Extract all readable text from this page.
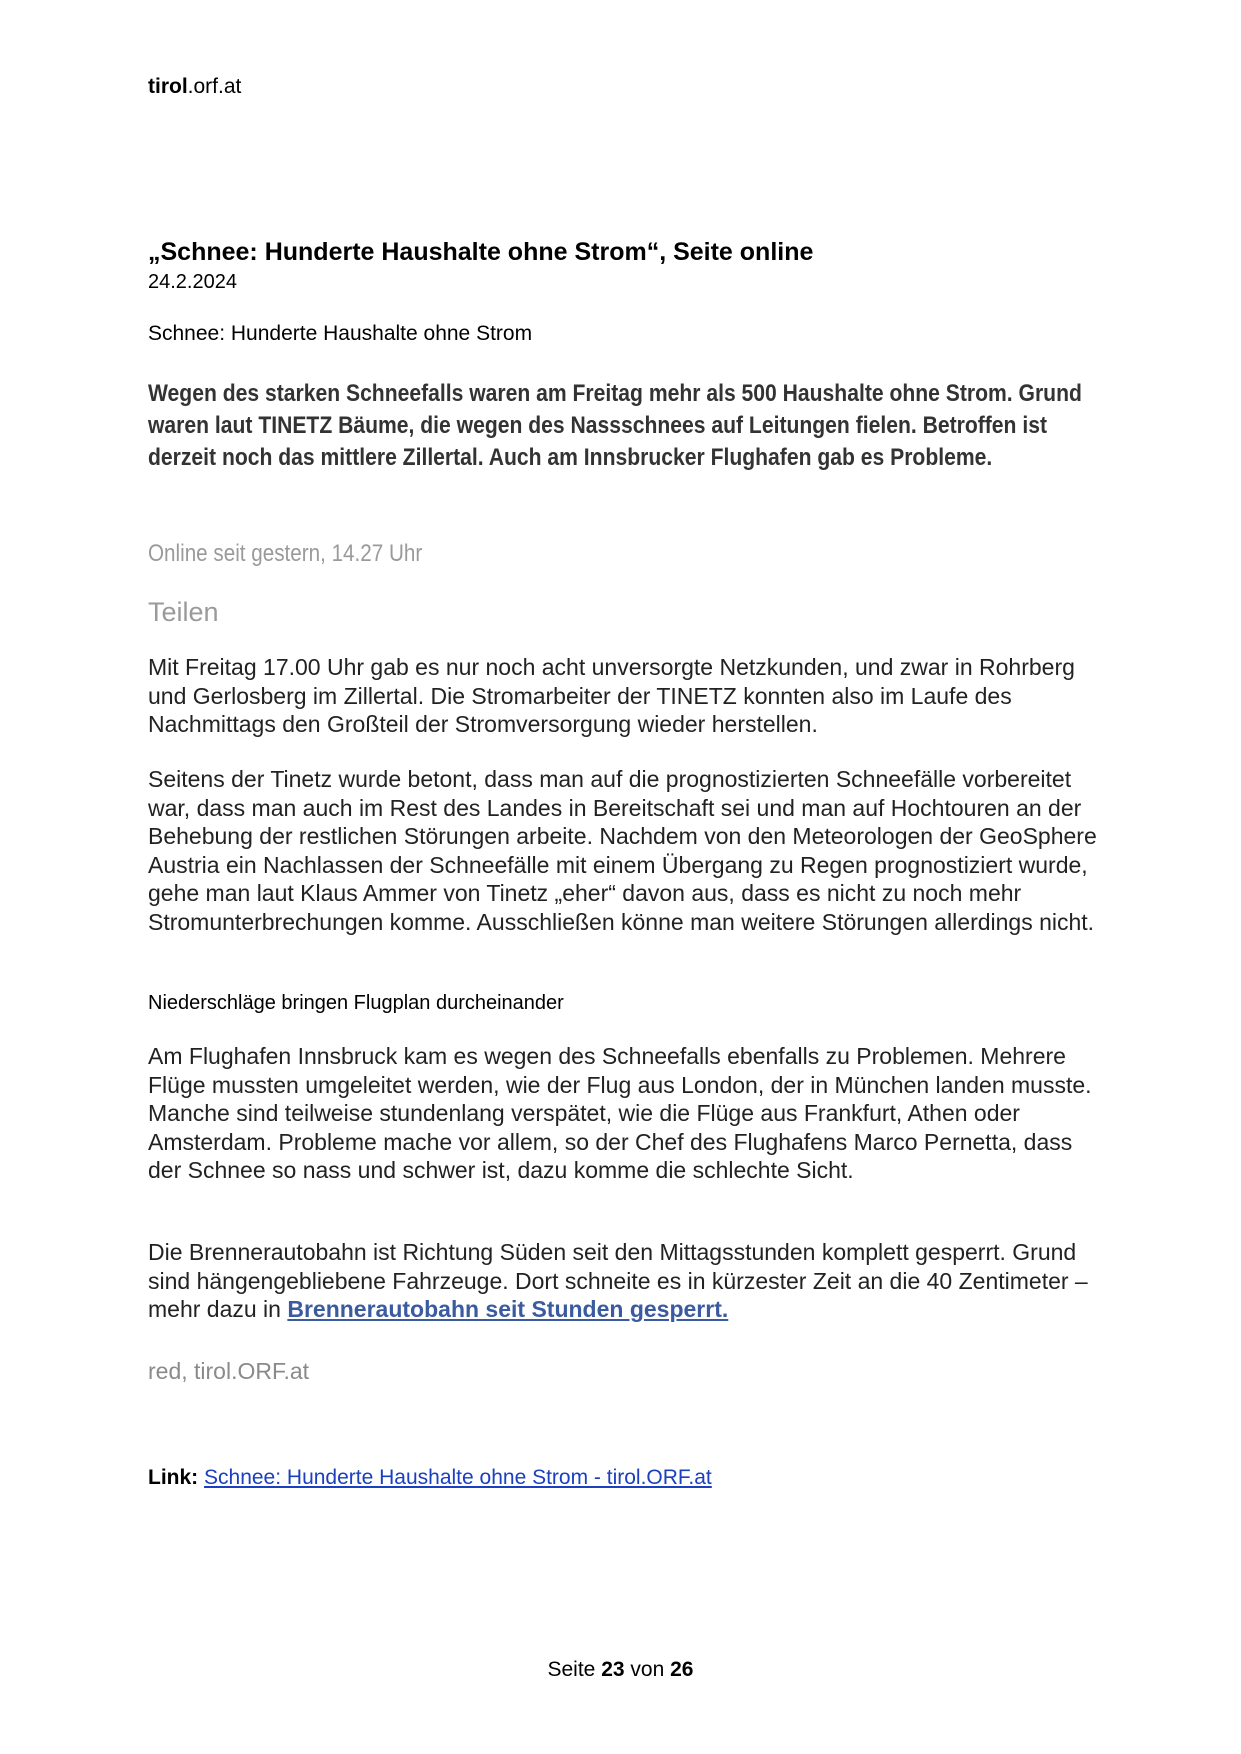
tirol.orf.at
„Schnee: Hunderte Haushalte ohne Strom“, Seite online
24.2.2024
Schnee: Hunderte Haushalte ohne Strom

Wegen des starken Schneefalls waren am Freitag mehr als 500 Haushalte ohne Strom. Grund waren laut TINETZ Bäume, die wegen des Nassschnees auf Leitungen fielen. Betroffen ist derzeit noch das mittlere Zillertal. Auch am Innsbrucker Flughafen gab es Probleme.

Online seit gestern, 14.27 Uhr
Teilen

Mit Freitag 17.00 Uhr gab es nur noch acht unversorgte Netzkunden, und zwar in Rohrberg und Gerlosberg im Zillertal. Die Stromarbeiter der TINETZ konnten also im Laufe des Nachmittags den Großteil der Stromversorgung wieder herstellen.

Seitens der Tinetz wurde betont, dass man auf die prognostizierten Schneefälle vorbereitet war, dass man auch im Rest des Landes in Bereitschaft sei und man auf Hochtouren an der Behebung der restlichen Störungen arbeite. Nachdem von den Meteorologen der GeoSphere Austria ein Nachlassen der Schneefälle mit einem Übergang zu Regen prognostiziert wurde, gehe man laut Klaus Ammer von Tinetz „eher“ davon aus, dass es nicht zu noch mehr Stromunterbrechungen komme. Ausschließen könne man weitere Störungen allerdings nicht.

Niederschläge bringen Flugplan durcheinander

Am Flughafen Innsbruck kam es wegen des Schneefalls ebenfalls zu Problemen. Mehrere Flüge mussten umgeleitet werden, wie der Flug aus London, der in München landen musste. Manche sind teilweise stundenlang verspätet, wie die Flüge aus Frankfurt, Athen oder Amsterdam. Probleme mache vor allem, so der Chef des Flughafens Marco Pernetta, dass der Schnee so nass und schwer ist, dazu komme die schlechte Sicht.

Die Brennerautobahn ist Richtung Süden seit den Mittagsstunden komplett gesperrt. Grund sind hängengebliebene Fahrzeuge. Dort schneite es in kürzester Zeit an die 40 Zentimeter – mehr dazu in Brennerautobahn seit Stunden gesperrt.

red, tirol.ORF.at
Link: Schnee: Hunderte Haushalte ohne Strom - tirol.ORF.at
Seite 23 von 26
